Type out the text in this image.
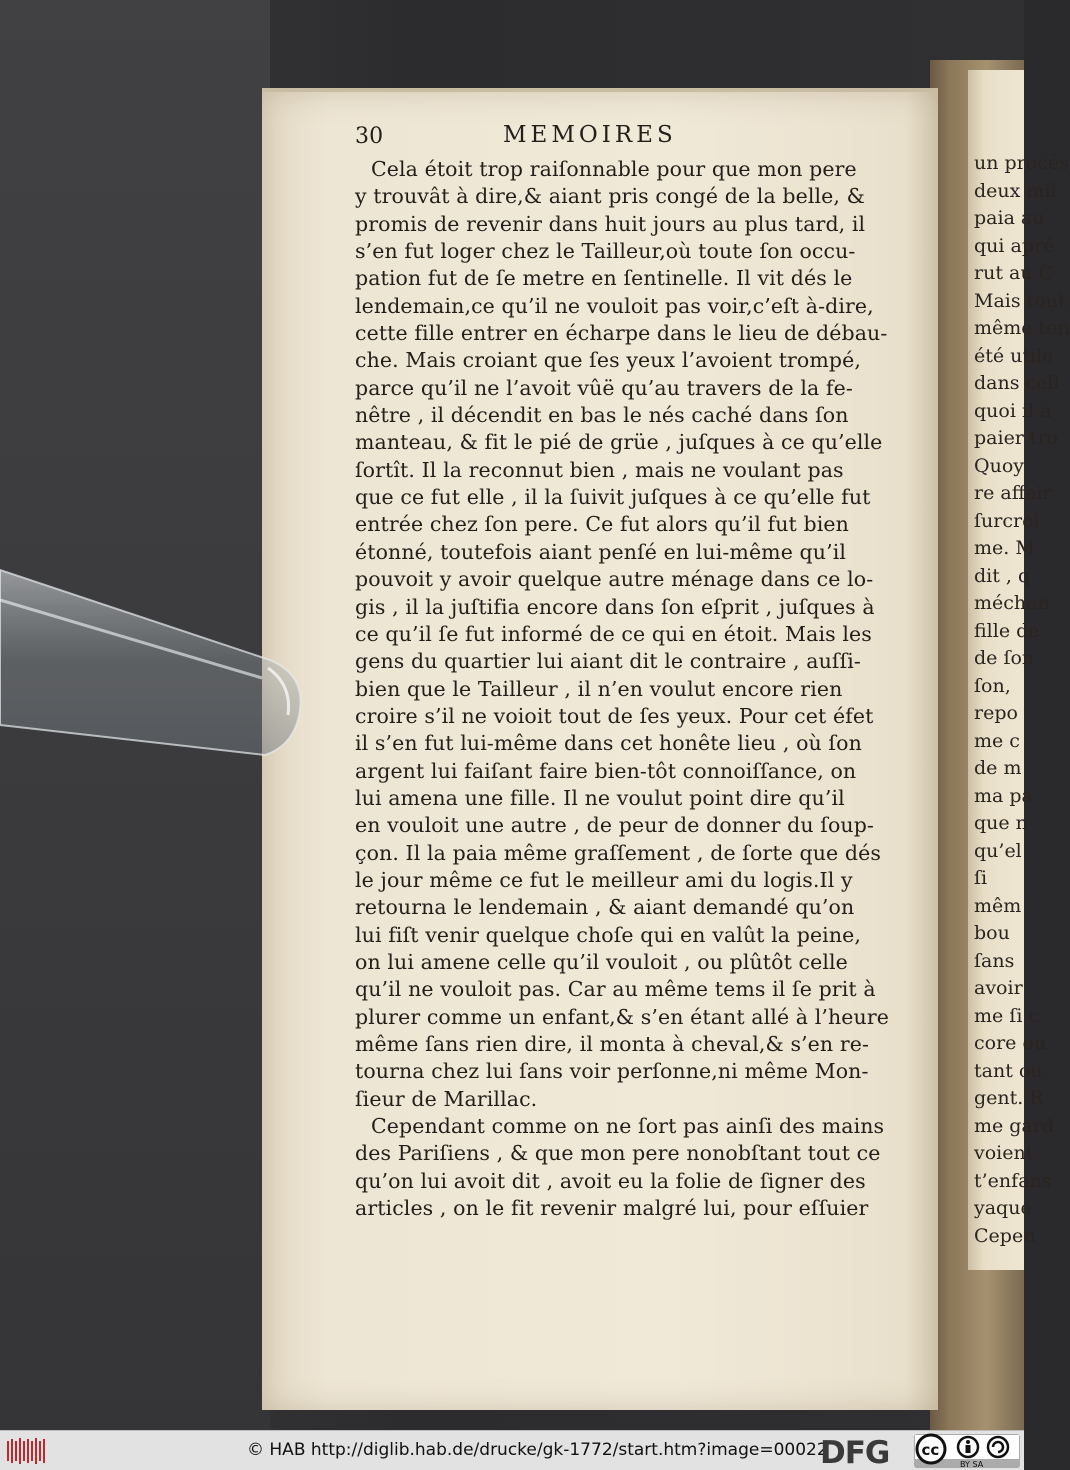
un procés
deux mil
paia au
qui apré
rut au C
Mais tout
même ten
été utile
dans cell
quoi il a
paier tro
Quoy
re affair
ſurcroi
me. M
dit , q
méchan
fille de
de ſon
ſon,
repo
me c
de m
ma pa
que n
qu’el
ſi
mêm
bou
ſans
avoir
me ſi c
core ou
tant ou
gent. R
me gard
voient
t’enfans
yaque
Cepen
30	MEMOIRES
Cela étoit trop raiſonnable pour que mon pere
y trouvât à dire,& aiant pris congé de la belle, &
promis de revenir dans huit jours au plus tard, il
s’en fut loger chez le Tailleur,où toute ſon occu-
pation fut de ſe metre en ſentinelle. Il vit dés le
lendemain,ce qu’il ne vouloit pas voir,c’eſt à-dire,
cette fille entrer en écharpe dans le lieu de débau-
che. Mais croiant que ſes yeux l’avoient trompé,
parce qu’il ne l’avoit vûë qu’au travers de la fe-
nêtre , il décendit en bas le nés caché dans ſon
manteau, & fit le pié de grüe , juſques à ce qu’elle
ſortît. Il la reconnut bien , mais ne voulant pas
que ce fut elle , il la ſuivit juſques à ce qu’elle fut
entrée chez ſon pere. Ce fut alors qu’il fut bien
étonné, toutefois aiant penſé en lui-même qu’il
pouvoit y avoir quelque autre ménage dans ce lo-
gis , il la juſtifia encore dans ſon eſprit , juſques à
ce qu’il ſe fut informé de ce qui en étoit. Mais les
gens du quartier lui aiant dit le contraire , auſſi-
bien que le Tailleur , il n’en voulut encore rien
croire s’il ne voioit tout de ſes yeux. Pour cet éfet
il s’en fut lui-même dans cet honête lieu , où ſon
argent lui faiſant faire bien-tôt connoiſſance, on
lui amena une fille. Il ne voulut point dire qu’il
en vouloit une autre , de peur de donner du ſoup-
çon. Il la paia même graſſement , de ſorte que dés
le jour même ce fut le meilleur ami du logis.Il y
retourna le lendemain , & aiant demandé qu’on
lui fiſt venir quelque choſe qui en valût la peine,
on lui amene celle qu’il vouloit , ou plûtôt celle
qu’il ne vouloit pas. Car au même tems il ſe prit à
plurer comme un enfant,& s’en étant allé à l’heure
même ſans rien dire, il monta à cheval,& s’en re-
tourna chez lui ſans voir perſonne,ni même Mon-
ſieur de Marillac.
Cependant comme on ne ſort pas ainſi des mains
des Pariſiens , & que mon pere nonobſtant tout ce
qu’on lui avoit dit , avoit eu la folie de ſigner des
articles , on le fit revenir malgré lui, pour eſſuier
© HAB http://diglib.hab.de/drucke/gk-1772/start.htm?image=00022
DFG cc
BY SA
